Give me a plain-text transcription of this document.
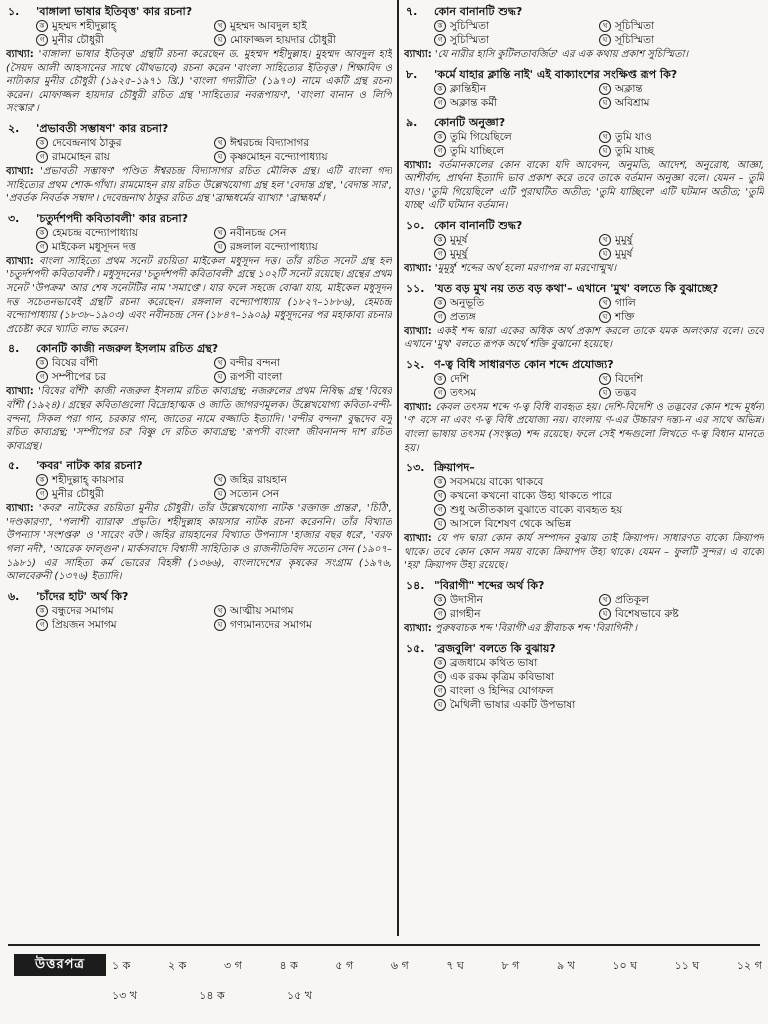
১.	'বাঙ্গালা ভাষার ইতিবৃত্ত' কার রচনা?
ক মুহম্মদ শহীদুল্লাহ্	খ মুহম্মদ আবদুল হাই
গ মুনীর চৌধুরী	ঘ মোফাজ্জল হায়দার চৌধুরী
ব্যাখ্যা: 'বাঙ্গালা ভাষার ইতিবৃত্ত' গ্রন্থটি রচনা করেছেন ড. মুহম্মদ শহীদুল্লাহ। মুহম্মদ আবদুল হাই (সৈয়দ আলী আহসানের সাথে যৌথভাবে) রচনা করেন 'বাংলা সাহিত্যের ইতিবৃত্ত'। শিক্ষাবিদ ও নাট্যকার মুনীর চৌধুরী (১৯২৫–১৯৭১ খ্রি.) 'বাংলা গদ্যরীতি' (১৯৭০) নামে একটি গ্রন্থ রচনা করেন। মোফাজ্জল হায়দার চৌধুরী রচিত গ্রন্থ 'সাহিত্যের নবরূপায়ণ', 'বাংলা বানান ও লিপি সংস্কার'।
২.	'প্রভাবতী সম্ভাষণ' কার রচনা?
ক দেবেন্দ্রনাথ ঠাকুর	খ ঈশ্বরচন্দ্র বিদ্যাসাগর
গ রামমোহন রায়	ঘ কৃষ্ণমোহন বন্দ্যোপাধ্যায়
ব্যাখ্যা: 'প্রভাবতী সম্ভাষণ' পণ্ডিত ঈশ্বরচন্দ্র বিদ্যাসাগর রচিত মৌলিক গ্রন্থ। এটি বাংলা গদ্য সাহিত্যের প্রথম শোক-গাঁথা। রামমোহন রায় রচিত উল্লেখযোগ্য গ্রন্থ হল 'বেদান্ত গ্রন্থ', 'বেদান্ত সার', 'প্রবর্তক নিবর্তক সম্বাদ'। দেবেন্দ্রনাথ ঠাকুর রচিত গ্রন্থ 'ব্রাহ্মধর্মের ব্যাখ্যা' 'ব্রাহ্মধর্ম'।
৩.	'চতুর্দশপদী কবিতাবলী' কার রচনা?
ক হেমচন্দ্র বন্দ্যোপাধ্যায়	খ নবীনচন্দ্র সেন
গ মাইকেল মধুসূদন দত্ত	ঘ রঙ্গলাল বন্দ্যোপাধ্যায়
ব্যাখ্যা: বাংলা সাহিত্যে প্রথম সনেট রচয়িতা মাইকেল মধুসূদন দত্ত। তাঁর রচিত সনেট গ্রন্থ হল 'চতুর্দশপদী কবিতাবলী'। মধুসূদনের 'চতুর্দশপদী কবিতাবলী' গ্রন্থে ১০২টি সনেট রয়েছে। গ্রন্থের প্রথম সনেট 'উপক্রম' আর শেষ সনেটটির নাম 'সমাপ্তে'। যার ফলে সহজে বোঝা যায়, মাইকেল মধুসূদন দত্ত সচেতনভাবেই গ্রন্থটি রচনা করেছেন। রঙ্গলাল বন্দ্যোপাধ্যায় (১৮২৭–১৮৮৬), হেমচন্দ্র বন্দ্যোপাধ্যায় (১৮৩৮–১৯০৩) এবং নবীনচন্দ্র সেন (১৮৪৭–১৯০৯) মধুসূদনের পর মহাকাব্য রচনার প্রচেষ্টা করে খ্যাতি লাভ করেন।
৪.	কোনটি কাজী নজরুল ইসলাম রচিত গ্রন্থ?
ক বিষের বাঁশী	খ বন্দীর বন্দনা
গ সম্পীপের চর	ঘ রূপসী বাংলা
ব্যাখ্যা: 'বিষের বাঁশী' কাজী নজরুল ইসলাম রচিত কাব্যগ্রন্থ; নজরুলের প্রথম নিষিদ্ধ গ্রন্থ 'বিষের বাঁশী (১৯২৪)। গ্রন্থের কবিতাগুলো বিদ্রোহাত্মক ও জাতি জাগরণমূলক। উল্লেখযোগ্য কবিতা-বন্দী-বন্দনা, সিকল পরা গান, চরকার গান, জাতের নামে বজ্জাতি ইত্যাদি। 'বন্দীর বন্দনা' বুদ্ধদেব বসু রচিত কাব্যগ্রন্থ; 'সম্পীপের চর' বিষ্ণু দে রচিত কাব্যগ্রন্থ; 'রূপসী বাংলা' জীবনানন্দ দাশ রচিত কাব্যগ্রন্থ।
৫.	'কবর' নাটক কার রচনা?
ক শহীদুল্লাহ্ কায়সার	খ জহির রায়হান
গ মুনীর চৌধুরী	ঘ সত্যেন সেন
ব্যাখ্যা: 'কবর' নাটকের রচয়িতা মুনীর চৌধুরী। তাঁর উল্লেখযোগ্য নাটক 'রক্তাক্ত প্রান্তর', 'চিঠি', 'দণ্ডকারণ্য', 'পলাশী ব্যারাক' প্রভৃতি। শহীদুল্লাহ কায়সার নাটক রচনা করেননি। তাঁর বিখ্যাত উপন্যাস 'সংশপ্তক' ও 'সারেং বউ'। জহির রায়হানের বিখ্যাত উপন্যাস 'হাজার বছর ধরে', 'বরফ গলা নদী', 'আরেক ফাল্গুন'। মার্কসবাদে বিশ্বাসী সাহিত্যিক ও রাজনীতিবিদ সত্যেন সেন (১৯০৭–১৯৮১) এর সাহিত্য কর্ম ভোরের বিহঙ্গী (১৩৬৬), বাংলাদেশের কৃষকের সংগ্রাম (১৯৭৬, আলবেরুনী (১৩৭৬) ইত্যাদি।
৬.	'চাঁদের হাট' অর্থ কি?
ক বন্ধুদের সমাগম	খ আত্মীয় সমাগম
গ প্রিয়জন সমাগম	ঘ গণ্যমান্যদের সমাগম
৭.	কোন বানানটি শুদ্ধ?
ক সুচিস্মিতা	খ সূচিস্মিতা
গ সুচিস্মিতা	ঘ সূচিস্মিতা
ব্যাখ্যা: 'যে নারীর হাসি কুটিলতাবর্জিত' এর এক কথায় প্রকাশ সুচিস্মিতা।
৮.	'কর্মে যাহার ক্লান্তি নাই' এই বাক্যাংশের সংক্ষিপ্ত রূপ কি?
ক ক্লান্তিহীন	খ অক্লান্ত
গ অক্লান্ত কর্মী	ঘ অবিশ্রাম
৯.	কোনটি অনুজ্ঞা?
ক তুমি গিয়েছিলে	খ তুমি যাও
গ তুমি যাচ্ছিলে	ঘ তুমি যাচ্ছ
ব্যাখ্যা: বর্তমানকালের কোন বাক্যে যদি আবেদন, অনুমতি, আদেশ, অনুরোধ, আজ্ঞা, আশীর্বাদ, প্রার্থনা ইত্যাদি ভাব প্রকাশ করে তবে তাকে বর্তমান অনুজ্ঞা বলে। যেমন – তুমি যাও। 'তুমি গিয়েছিলে' এটি পুরাঘটিত অতীত; 'তুমি যাচ্ছিলে' এটি ঘটমান অতীত; 'তুমি যাচ্ছ' এটি ঘটমান বর্তমান।
১০. কোন বানানটি শুদ্ধ?
ক মুমূর্ষ	খ মুমুর্ষু
গ মুমূর্ষু	ঘ মুমুর্ষ
ব্যাখ্যা: 'মুমূর্ষু' শব্দের অর্থ হলো মরণাপন্ন বা মরণোন্মুখ।
১১. 'যত বড় মুখ নয় তত বড় কথা'– এখানে 'মুখ' বলতে কি বুঝাচ্ছে?
ক অনুভূতি	খ গালি
গ প্রত্যঙ্গ	ঘ শক্তি
ব্যাখ্যা: একই শব্দ দ্বারা একের অধিক অর্থ প্রকাশ করলে তাকে যমক অলংকার বলে। তবে এখানে 'মুখ' বলতে রূপক অর্থে শক্তি বুঝানো হয়েছে।
১২. ণ-ত্ব বিধি সাধারণত কোন শব্দে প্রযোজ্য?
ক দেশি	খ বিদেশি
গ তৎসম	ঘ তদ্ভব
ব্যাখ্যা: কেবল তৎসম শব্দে ণ-ত্ব বিধি ব্যবহৃত হয়। দেশি-বিদেশি ও তদ্ভবের কোন শব্দে মূর্ধন্য 'ণ' বসে না এবং ণ-ত্ব বিধি প্রযোজ্য নয়। বাংলায় ণ-এর উচ্চারণ দন্ত্য-ন এর সাথে অভিন্ন। বাংলা ভাষায় তৎসম (সংস্কৃত) শব্দ রয়েছে। ফলে সেই শব্দগুলো লিখতে ণ-ত্ব বিধান মানতে হয়।
১৩. ক্রিয়াপদ–
ক সবসময়ে বাক্যে থাকবে
খ কখনো কখনো বাক্যে উহ্য থাকতে পারে
গ শুধু অতীতকাল বুঝাতে বাক্যে ব্যবহৃত হয়
ঘ আসলে বিশেষণ থেকে অভিন্ন
ব্যাখ্যা: যে পদ দ্বারা কোন কার্য সম্পাদন বুঝায় তাই ক্রিয়াপদ। সাধারণত বাক্যে ক্রিয়াপদ থাকে। তবে কোন কোন সময় বাক্যে ক্রিয়াপদ উহ্য থাকে। যেমন – ফুলটি সুন্দর। এ বাক্যে 'হয়' ক্রিয়াপদ উহ্য রয়েছে।
১৪. "বিরাগী" শব্দের অর্থ কি?
ক উদাসীন	খ প্রতিকূল
গ রাগহীন	ঘ বিশেষভাবে রুষ্ট
ব্যাখ্যা: পুরুষবাচক শব্দ 'বিরাগী'এর স্ত্রীবাচক শব্দ 'বিরাগিনী'।
১৫. 'ব্রজবুলি' বলতে কি বুঝায়?
ক ব্রজধামে কথিত ভাষা
খ এক রকম কৃত্রিম কবিভাষা
গ বাংলা ও হিন্দির যোগফল
ঘ মৈথিলী ভাষার একটি উপভাষা
উত্তরপত্র	১ ক	২ ক	৩ গ	৪ ক	৫ গ	৬ গ	৭ ঘ	৮ গ	৯ খ	১০ ঘ	১১ ঘ	১২ গ
১৩ খ	১৪ ক	১৫ খ
